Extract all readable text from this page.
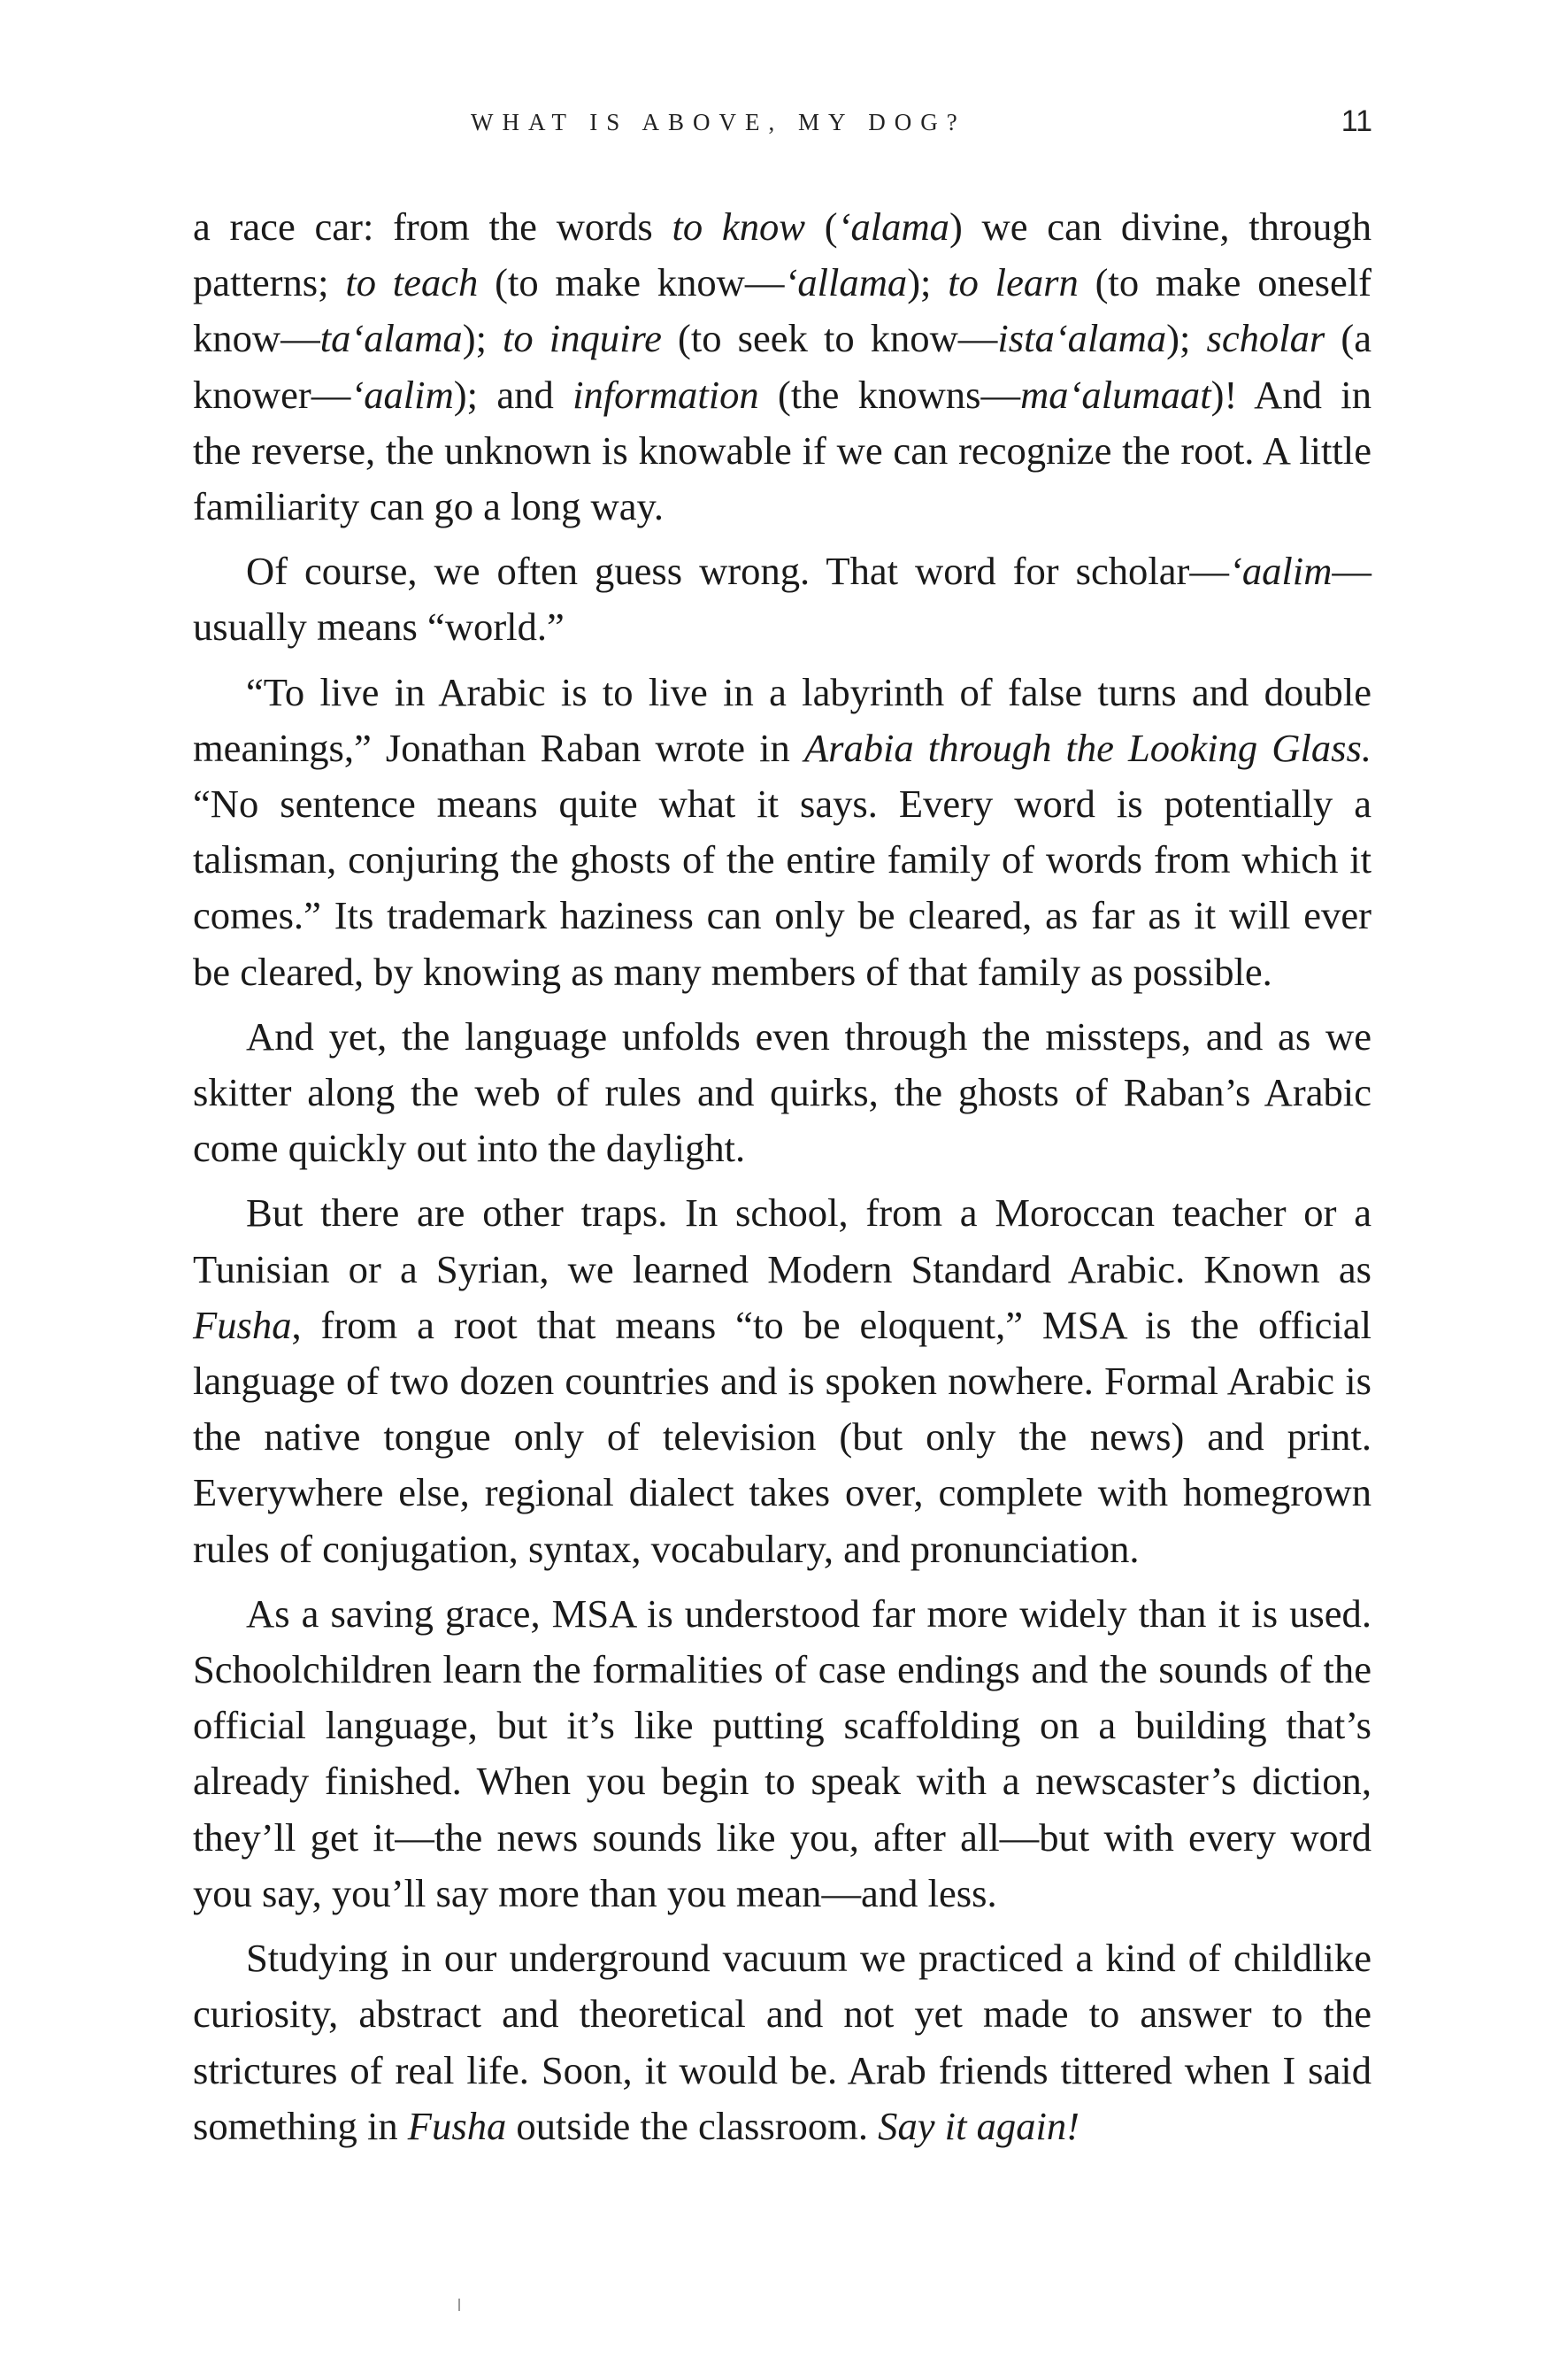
WHAT IS ABOVE, MY DOG?	11

a race car: from the words to know (‘alama) we can divine, through patterns; to teach (to make know—‘allama); to learn (to make oneself know—ta‘alama); to inquire (to seek to know—ista‘alama); scholar (a knower—‘aalim); and information (the knowns—ma‘alumaat)! And in the reverse, the unknown is knowable if we can recognize the root. A little familiarity can go a long way.

Of course, we often guess wrong. That word for scholar—‘aalim— usually means “world.”

“To live in Arabic is to live in a labyrinth of false turns and double meanings,” Jonathan Raban wrote in Arabia through the Looking Glass. “No sentence means quite what it says. Every word is potentially a talisman, conjuring the ghosts of the entire family of words from which it comes.” Its trademark haziness can only be cleared, as far as it will ever be cleared, by knowing as many members of that family as possible.

And yet, the language unfolds even through the missteps, and as we skitter along the web of rules and quirks, the ghosts of Raban’s Arabic come quickly out into the daylight.

But there are other traps. In school, from a Moroccan teacher or a Tunisian or a Syrian, we learned Modern Standard Arabic. Known as Fusha, from a root that means “to be eloquent,” MSA is the official language of two dozen countries and is spoken nowhere. Formal Arabic is the native tongue only of television (but only the news) and print. Everywhere else, regional dialect takes over, complete with homegrown rules of conjugation, syntax, vocabulary, and pronunciation.

As a saving grace, MSA is understood far more widely than it is used. Schoolchildren learn the formalities of case endings and the sounds of the official language, but it’s like putting scaffolding on a building that’s already finished. When you begin to speak with a newscaster’s diction, they’ll get it—the news sounds like you, after all—but with every word you say, you’ll say more than you mean—and less.

Studying in our underground vacuum we practiced a kind of childlike curiosity, abstract and theoretical and not yet made to answer to the strictures of real life. Soon, it would be. Arab friends tittered when I said something in Fusha outside the classroom. Say it again!
